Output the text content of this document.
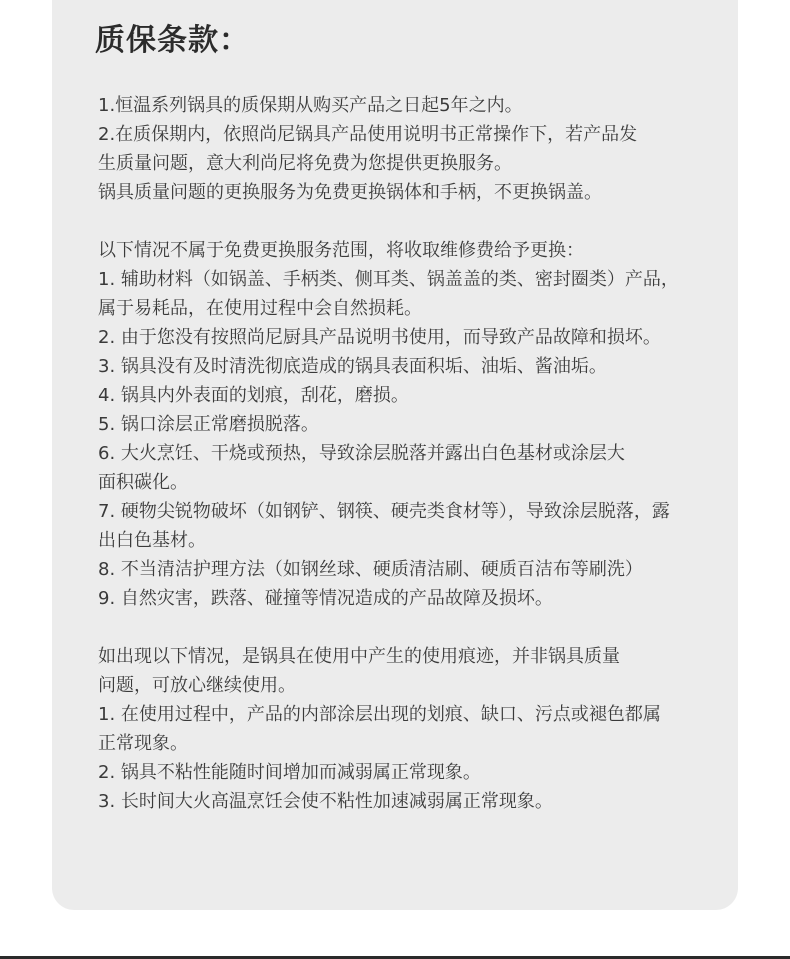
质保条款：
1.恒温系列锅具的质保期从购买产品之日起5年之内。
2.在质保期内，依照尚尼锅具产品使用说明书正常操作下，若产品发
生质量问题，意大利尚尼将免费为您提供更换服务。
锅具质量问题的更换服务为免费更换锅体和手柄，不更换锅盖。
以下情况不属于免费更换服务范围，将收取维修费给予更换：
1. 辅助材料（如锅盖、手柄类、侧耳类、锅盖盖的类、密封圈类）产品，
属于易耗品，在使用过程中会自然损耗。
2. 由于您没有按照尚尼厨具产品说明书使用，而导致产品故障和损坏。
3. 锅具没有及时清洗彻底造成的锅具表面积垢、油垢、酱油垢。
4. 锅具内外表面的划痕，刮花，磨损。
5. 锅口涂层正常磨损脱落。
6. 大火烹饪、干烧或预热，导致涂层脱落并露出白色基材或涂层大
面积碳化。
7. 硬物尖锐物破坏（如钢铲、钢筷、硬壳类食材等），导致涂层脱落，露
出白色基材。
8. 不当清洁护理方法（如钢丝球、硬质清洁刷、硬质百洁布等刷洗）
9. 自然灾害，跌落、碰撞等情况造成的产品故障及损坏。
如出现以下情况，是锅具在使用中产生的使用痕迹，并非锅具质量
问题，可放心继续使用。
1. 在使用过程中，产品的内部涂层出现的划痕、缺口、污点或褪色都属
正常现象。
2. 锅具不粘性能随时间增加而减弱属正常现象。
3. 长时间大火高温烹饪会使不粘性加速减弱属正常现象。
